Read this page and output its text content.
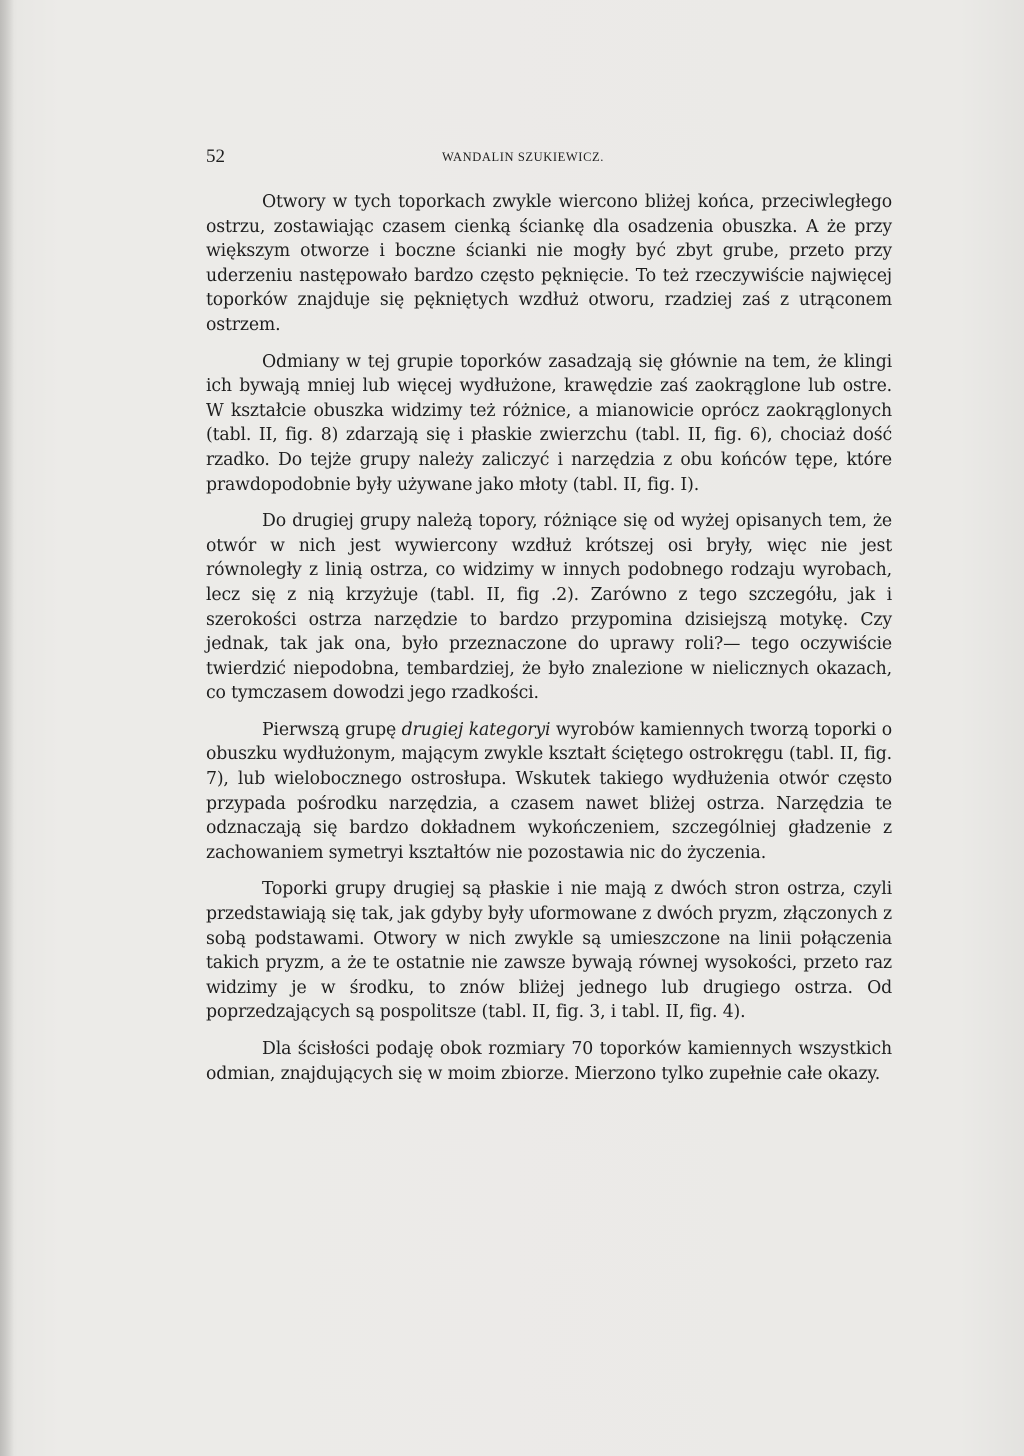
52	WANDALIN SZUKIEWICZ.

Otwory w tych toporkach zwykle wiercono bliżej końca, przeciwległego ostrzu, zostawiając czasem cienką ściankę dla osadzenia obuszka. A że przy większym otworze i boczne ścianki nie mogły być zbyt grube, przeto przy uderzeniu następowało bardzo często pęknięcie. To też rzeczywiście najwięcej toporków znajduje się pękniętych wzdłuż otworu, rzadziej zaś z utrąconem ostrzem.

Odmiany w tej grupie toporków zasadzają się głównie na tem, że klingi ich bywają mniej lub więcej wydłużone, krawędzie zaś zaokrąglone lub ostre. W kształcie obuszka widzimy też różnice, a mianowicie oprócz zaokrąglonych (tabl. II, fig. 8) zdarzają się i płaskie zwierzchu (tabl. II, fig. 6), chociaż dość rzadko. Do tejże grupy należy zaliczyć i narzędzia z obu końców tępe, które prawdopodobnie były używane jako młoty (tabl. II, fig. I).

Do drugiej grupy należą topory, różniące się od wyżej opisanych tem, że otwór w nich jest wywiercony wzdłuż krótszej osi bryły, więc nie jest równoległy z linią ostrza, co widzimy w innych podobnego rodzaju wyrobach, lecz się z nią krzyżuje (tabl. II, fig .2). Zarówno z tego szczegółu, jak i szerokości ostrza narzędzie to bardzo przypomina dzisiejszą motykę. Czy jednak, tak jak ona, było przeznaczone do uprawy roli?— tego oczywiście twierdzić niepodobna, tembardziej, że było znalezione w nielicznych okazach, co tymczasem dowodzi jego rzadkości.

Pierwszą grupę drugiej kategoryi wyrobów kamiennych tworzą toporki o obuszku wydłużonym, mającym zwykle kształt ściętego ostrokręgu (tabl. II, fig. 7), lub wielobocznego ostrosłupa. Wskutek takiego wydłużenia otwór często przypada pośrodku narzędzia, a czasem nawet bliżej ostrza. Narzędzia te odznaczają się bardzo dokładnem wykończeniem, szczególniej gładzenie z zachowaniem symetryi kształtów nie pozostawia nic do życzenia.

Toporki grupy drugiej są płaskie i nie mają z dwóch stron ostrza, czyli przedstawiają się tak, jak gdyby były uformowane z dwóch pryzm, złączonych z sobą podstawami. Otwory w nich zwykle są umieszczone na linii połączenia takich pryzm, a że te ostatnie nie zawsze bywają równej wysokości, przeto raz widzimy je w środku, to znów bliżej jednego lub drugiego ostrza. Od poprzedzających są pospolitsze (tabl. II, fig. 3, i tabl. II, fig. 4).

Dla ścisłości podaję obok rozmiary 70 toporków kamiennych wszystkich odmian, znajdujących się w moim zbiorze. Mierzono tylko zupełnie całe okazy.
